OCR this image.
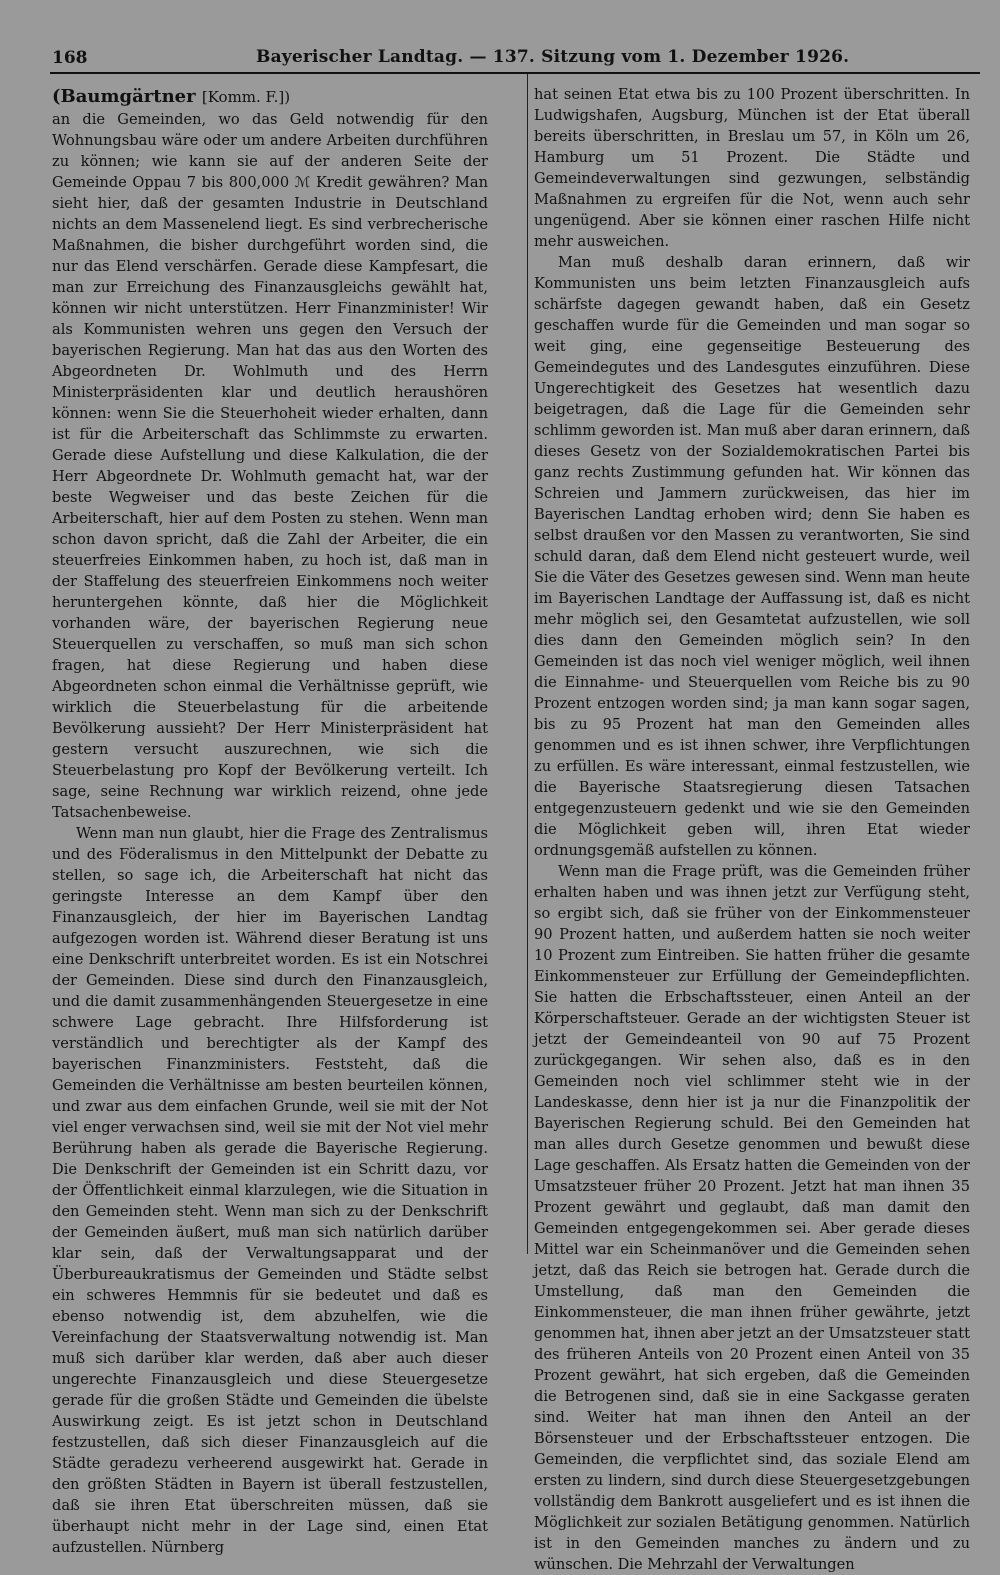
168	Bayerischer Landtag. — 137. Sitzung vom 1. Dezember 1926.
(Baumgärtner [Komm. F.])

an die Gemeinden, wo das Geld notwendig für den Wohnungsbau wäre oder um andere Arbeiten durchführen zu können; wie kann sie auf der anderen Seite der Gemeinde Oppau 7 bis 800,000 ℳ Kredit gewähren? Man sieht hier, daß der gesamten Industrie in Deutschland nichts an dem Massenelend liegt. Es sind verbrecherische Maßnahmen, die bisher durchgeführt worden sind, die nur das Elend verschärfen. Gerade diese Kampfesart, die man zur Erreichung des Finanzausgleichs gewählt hat, können wir nicht unterstützen. Herr Finanzminister! Wir als Kommunisten wehren uns gegen den Versuch der bayerischen Regierung. Man hat das aus den Worten des Abgeordneten Dr. Wohlmuth und des Herrn Ministerpräsidenten klar und deutlich heraushören können: wenn Sie die Steuerhoheit wieder erhalten, dann ist für die Arbeiterschaft das Schlimmste zu erwarten. Gerade diese Aufstellung und diese Kalkulation, die der Herr Abgeordnete Dr. Wohlmuth gemacht hat, war der beste Wegweiser und das beste Zeichen für die Arbeiterschaft, hier auf dem Posten zu stehen. Wenn man schon davon spricht, daß die Zahl der Arbeiter, die ein steuerfreies Einkommen haben, zu hoch ist, daß man in der Staffelung des steuerfreien Einkommens noch weiter heruntergehen könnte, daß hier die Möglichkeit vorhanden wäre, der bayerischen Regierung neue Steuerquellen zu verschaffen, so muß man sich schon fragen, hat diese Regierung und haben diese Abgeordneten schon einmal die Verhältnisse geprüft, wie wirklich die Steuerbelastung für die arbeitende Bevölkerung aussieht? Der Herr Ministerpräsident hat gestern versucht auszurechnen, wie sich die Steuerbelastung pro Kopf der Bevölkerung verteilt. Ich sage, seine Rechnung war wirklich reizend, ohne jede Tatsachenbeweise.

Wenn man nun glaubt, hier die Frage des Zentralismus und des Föderalismus in den Mittelpunkt der Debatte zu stellen, so sage ich, die Arbeiterschaft hat nicht das geringste Interesse an dem Kampf über den Finanzausgleich, der hier im Bayerischen Landtag aufgezogen worden ist. Während dieser Beratung ist uns eine Denkschrift unterbreitet worden. Es ist ein Notschrei der Gemeinden. Diese sind durch den Finanzausgleich, und die damit zusammenhängenden Steuergesetze in eine schwere Lage gebracht. Ihre Hilfsforderung ist verständlich und berechtigter als der Kampf des bayerischen Finanzministers. Feststeht, daß die Gemeinden die Verhältnisse am besten beurteilen können, und zwar aus dem einfachen Grunde, weil sie mit der Not viel enger verwachsen sind, weil sie mit der Not viel mehr Berührung haben als gerade die Bayerische Regierung. Die Denkschrift der Gemeinden ist ein Schritt dazu, vor der Öffentlichkeit einmal klarzulegen, wie die Situation in den Gemeinden steht. Wenn man sich zu der Denkschrift der Gemeinden äußert, muß man sich natürlich darüber klar sein, daß der Verwaltungsapparat und der Überbureaukratismus der Gemeinden und Städte selbst ein schweres Hemmnis für sie bedeutet und daß es ebenso notwendig ist, dem abzuhelfen, wie die Vereinfachung der Staatsverwaltung notwendig ist. Man muß sich darüber klar werden, daß aber auch dieser ungerechte Finanzausgleich und diese Steuergesetze gerade für die großen Städte und Gemeinden die übelste Auswirkung zeigt. Es ist jetzt schon in Deutschland festzustellen, daß sich dieser Finanzausgleich auf die Städte geradezu verheerend ausgewirkt hat. Gerade in den größten Städten in Bayern ist überall festzustellen, daß sie ihren Etat überschreiten müssen, daß sie überhaupt nicht mehr in der Lage sind, einen Etat aufzustellen. Nürnberg

hat seinen Etat etwa bis zu 100 Prozent überschritten. In Ludwigshafen, Augsburg, München ist der Etat überall bereits überschritten, in Breslau um 57, in Köln um 26, Hamburg um 51 Prozent. Die Städte und Gemeindeverwaltungen sind gezwungen, selbständig Maßnahmen zu ergreifen für die Not, wenn auch sehr ungenügend. Aber sie können einer raschen Hilfe nicht mehr ausweichen.

Man muß deshalb daran erinnern, daß wir Kommunisten uns beim letzten Finanzausgleich aufs schärfste dagegen gewandt haben, daß ein Gesetz geschaffen wurde für die Gemeinden und man sogar so weit ging, eine gegenseitige Besteuerung des Gemeindegutes und des Landesgutes einzuführen. Diese Ungerechtigkeit des Gesetzes hat wesentlich dazu beigetragen, daß die Lage für die Gemeinden sehr schlimm geworden ist. Man muß aber daran erinnern, daß dieses Gesetz von der Sozialdemokratischen Partei bis ganz rechts Zustimmung gefunden hat. Wir können das Schreien und Jammern zurückweisen, das hier im Bayerischen Landtag erhoben wird; denn Sie haben es selbst draußen vor den Massen zu verantworten, Sie sind schuld daran, daß dem Elend nicht gesteuert wurde, weil Sie die Väter des Gesetzes gewesen sind. Wenn man heute im Bayerischen Landtage der Auffassung ist, daß es nicht mehr möglich sei, den Gesamtetat aufzustellen, wie soll dies dann den Gemeinden möglich sein? In den Gemeinden ist das noch viel weniger möglich, weil ihnen die Einnahme- und Steuerquellen vom Reiche bis zu 90 Prozent entzogen worden sind; ja man kann sogar sagen, bis zu 95 Prozent hat man den Gemeinden alles genommen und es ist ihnen schwer, ihre Verpflichtungen zu erfüllen. Es wäre interessant, einmal festzustellen, wie die Bayerische Staatsregierung diesen Tatsachen entgegenzusteuern gedenkt und wie sie den Gemeinden die Möglichkeit geben will, ihren Etat wieder ordnungsgemäß aufstellen zu können.

Wenn man die Frage prüft, was die Gemeinden früher erhalten haben und was ihnen jetzt zur Verfügung steht, so ergibt sich, daß sie früher von der Einkommensteuer 90 Prozent hatten, und außerdem hatten sie noch weiter 10 Prozent zum Eintreiben. Sie hatten früher die gesamte Einkommensteuer zur Erfüllung der Gemeindepflichten. Sie hatten die Erbschaftssteuer, einen Anteil an der Körperschaftsteuer. Gerade an der wichtigsten Steuer ist jetzt der Gemeindeanteil von 90 auf 75 Prozent zurückgegangen. Wir sehen also, daß es in den Gemeinden noch viel schlimmer steht wie in der Landeskasse, denn hier ist ja nur die Finanzpolitik der Bayerischen Regierung schuld. Bei den Gemeinden hat man alles durch Gesetze genommen und bewußt diese Lage geschaffen. Als Ersatz hatten die Gemeinden von der Umsatzsteuer früher 20 Prozent. Jetzt hat man ihnen 35 Prozent gewährt und geglaubt, daß man damit den Gemeinden entgegengekommen sei. Aber gerade dieses Mittel war ein Scheinmanöver und die Gemeinden sehen jetzt, daß das Reich sie betrogen hat. Gerade durch die Umstellung, daß man den Gemeinden die Einkommensteuer, die man ihnen früher gewährte, jetzt genommen hat, ihnen aber jetzt an der Umsatzsteuer statt des früheren Anteils von 20 Prozent einen Anteil von 35 Prozent gewährt, hat sich ergeben, daß die Gemeinden die Betrogenen sind, daß sie in eine Sackgasse geraten sind. Weiter hat man ihnen den Anteil an der Börsensteuer und der Erbschaftssteuer entzogen. Die Gemeinden, die verpflichtet sind, das soziale Elend am ersten zu lindern, sind durch diese Steuergesetzgebungen vollständig dem Bankrott ausgeliefert und es ist ihnen die Möglichkeit zur sozialen Betätigung genommen. Natürlich ist in den Gemeinden manches zu ändern und zu wünschen. Die Mehrzahl der Verwaltungen
